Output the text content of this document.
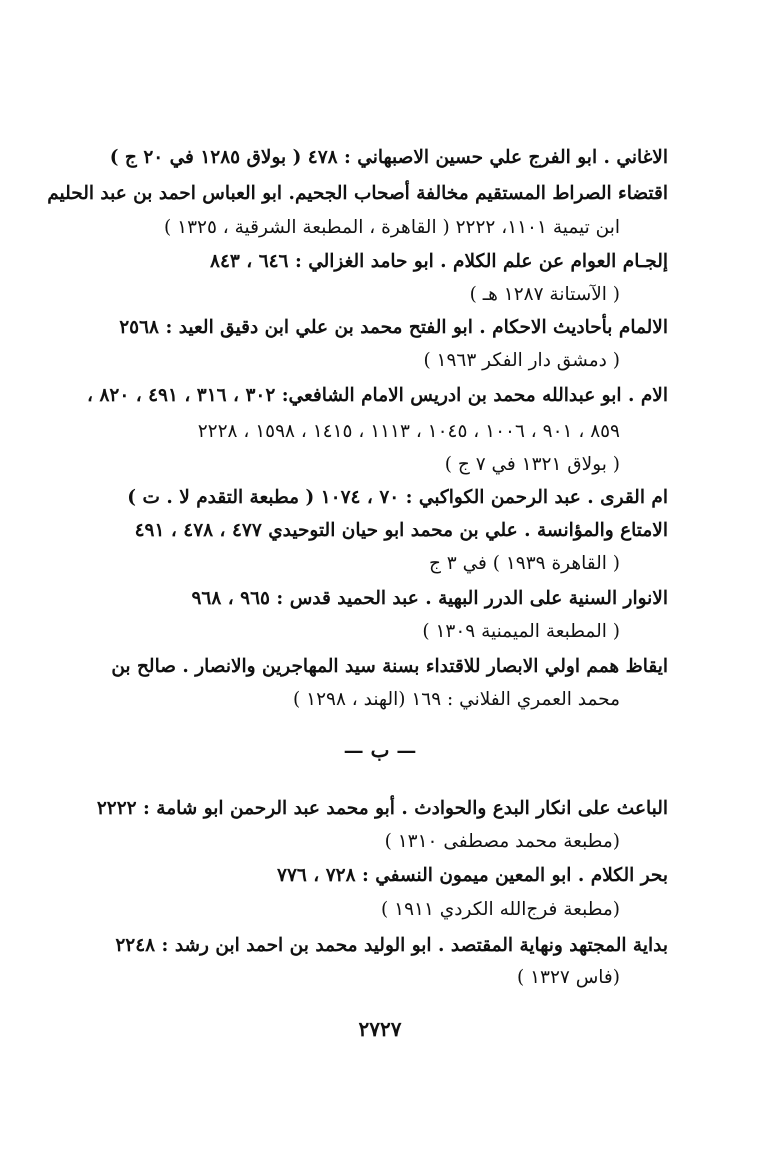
الاغاني . ابو الفرج علي حسين الاصبهاني : ٤٧٨ ( بولاق ١٢٨٥ في ٢٠ ج )
اقتضاء الصراط المستقيم مخالفة أصحاب الجحيم. ابو العباس احمد بن عبد الحليم
ابن تيمية ١١٠١، ٢٢٢٢ ( القاهرة ، المطبعة الشرقية ، ١٣٢٥ )
إلجـام العوام عن علم الكلام . ابو حامد الغزالي : ٦٤٦ ، ٨٤٣
( الآستانة ١٢٨٧ هـ )
الالمام بأحاديث الاحكام . ابو الفتح محمد بن علي ابن دقيق العيد : ٢٥٦٨
( دمشق دار الفكر ١٩٦٣ )
الام . ابو عبدالله محمد بن ادريس الامام الشافعي: ٣٠٢ ، ٣١٦ ، ٤٩١ ، ٨٢٠ ،
٨٥٩ ، ٩٠١ ، ١٠٠٦ ، ١٠٤٥ ، ١١١٣ ، ١٤١٥ ، ١٥٩٨ ، ٢٢٢٨
( بولاق ١٣٢١ في ٧ ج )
ام القرى . عبد الرحمن الكواكبي : ٧٠ ، ١٠٧٤ ( مطبعة التقدم لا . ت )
الامتاع والمؤانسة . علي بن محمد ابو حيان التوحيدي ٤٧٧ ، ٤٧٨ ، ٤٩١
( القاهرة ١٩٣٩ ) في ٣ ج
الانوار السنية على الدرر البهية . عبد الحميد قدس : ٩٦٥ ، ٩٦٨
( المطبعة الميمنية ١٣٠٩ )
ايقاظ همم اولي الابصار للاقتداء بسنة سيد المهاجرين والانصار . صالح بن
محمد العمري الفلاني : ١٦٩ (الهند ، ١٢٩٨ )
— ب —
الباعث على انكار البدع والحوادث . أبو محمد عبد الرحمن ابو شامة : ٢٢٢٢
(مطبعة محمد مصطفى ١٣١٠ )
بحر الكلام . ابو المعين ميمون النسفي : ٧٢٨ ، ٧٧٦
(مطبعة فرج‌الله الكردي ١٩١١ )
بداية المجتهد ونهاية المقتصد . ابو الوليد محمد بن احمد ابن رشد : ٢٢٤٨
(فاس ١٣٢٧ )
٢٧٢٧
